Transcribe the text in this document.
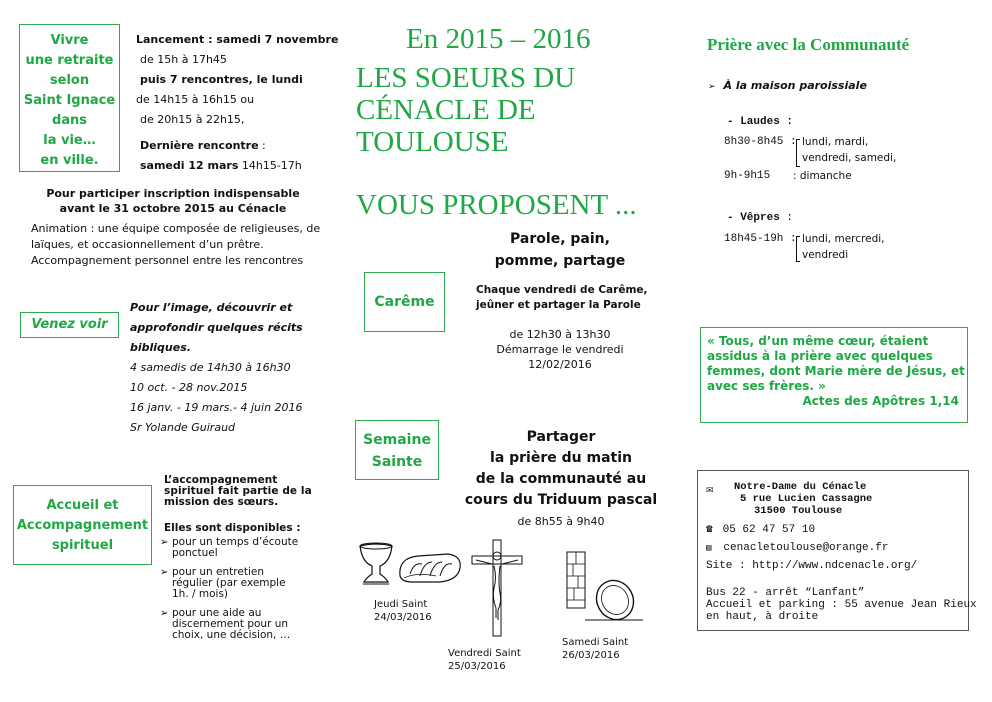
Vivre
une retraite
selon
Saint Ignace
dans
la vie…
en ville.
Lancement : samedi 7 novembre
de 15h à 17h45
puis 7 rencontres, le lundi
de 14h15 à 16h15 ou
de 20h15 à 22h15,
Dernière rencontre :
samedi 12 mars 14h15-17h
Pour participer inscription indispensable
avant le 31 octobre 2015 au Cénacle
Animation : une équipe composée de religieuses, de
laïques, et occasionnellement d’un prêtre.
Accompagnement personnel entre les rencontres
Venez voir
Pour l’image, découvrir et
approfondir quelques récits
bibliques.
4 samedis de 14h30 à 16h30
10 oct. - 28 nov.2015
16 janv. - 19 mars.- 4 juin 2016
Sr Yolande Guiraud
Accueil et
Accompagnement
spirituel
L’accompagnement
spirituel fait partie de la
mission des sœurs.
Elles sont disponibles :
➢ pour un temps d’écoute
ponctuel
➢ pour un entretien
régulier (par exemple
1h. / mois)
➢ pour une aide au
discernement pour un
choix, une décision, …
En 2015 – 2016
LES SOEURS DU
CÉNACLE DE
TOULOUSE
VOUS PROPOSENT ...
Parole, pain,
pomme, partage
Carême
Chaque vendredi de Carême,
jeûner et partager la Parole
de 12h30 à 13h30
Démarrage le vendredi
12/02/2016
Semaine
Sainte
Partager
la prière du matin
de la communauté au
cours du Triduum pascal
de 8h55 à 9h40
Jeudi Saint
24/03/2016
Vendredi Saint
25/03/2016
Samedi Saint
26/03/2016
Prière avec la Communauté
➢ À la maison paroissiale
- Laudes :
8h30-8h45 : lundi, mardi,
vendredi, samedi,
9h-9h15 : dimanche
- Vêpres :
18h45-19h : lundi, mercredi,
vendredi
« Tous, d’un même cœur, étaient
assidus à la prière avec quelques
femmes, dont Marie mère de Jésus, et
avec ses frères. »
Actes des Apôtres 1,14
✉ Notre-Dame du Cénacle
5 rue Lucien Cassagne
31500 Toulouse
☎ 05 62 47 57 10
▤ cenacletoulouse@orange.fr
Site : http://www.ndcenacle.org/
Bus 22 - arrêt “Lanfant”
Accueil et parking : 55 avenue Jean Rieux
en haut, à droite
